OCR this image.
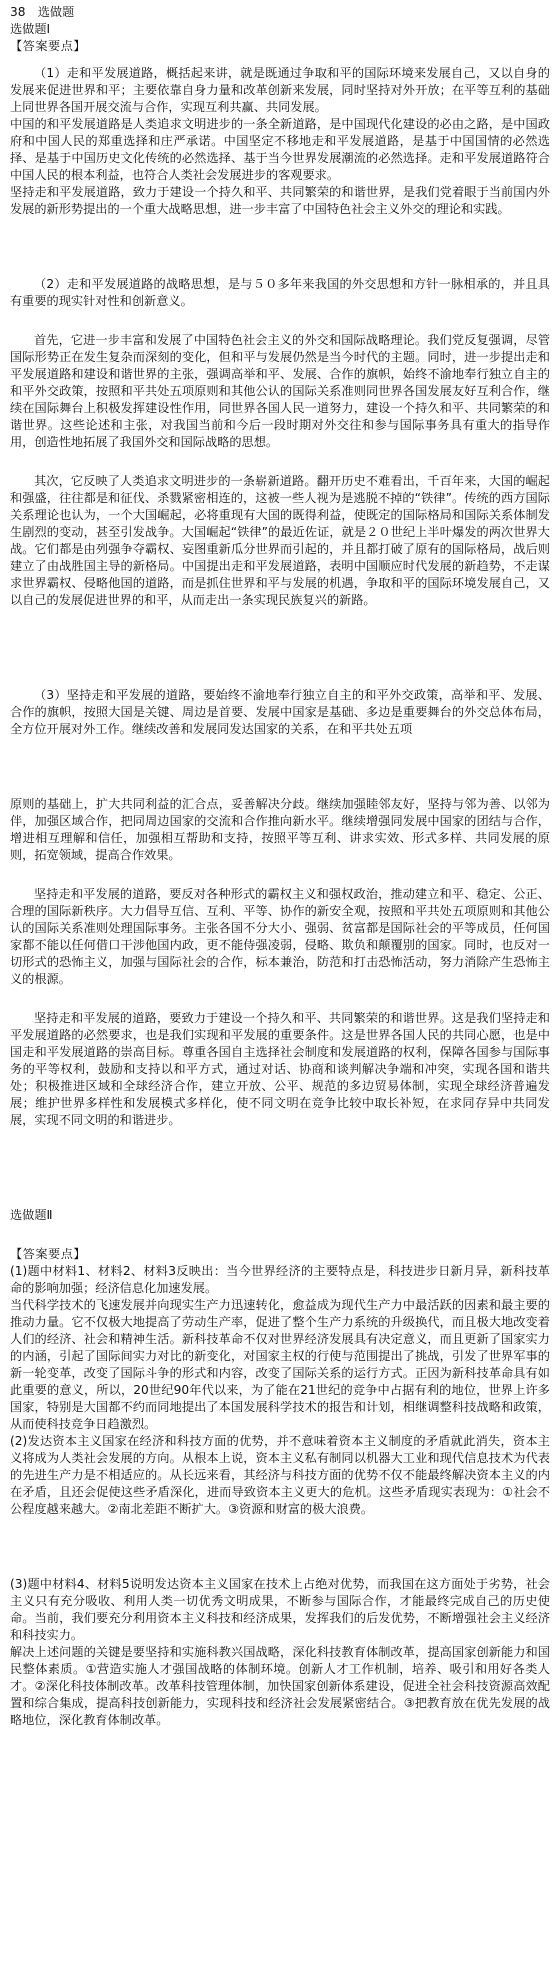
38　选做题
选做题Ⅰ
【答案要点】

（1）走和平发展道路，概括起来讲，就是既通过争取和平的国际环境来发展自己，又以自身的发展来促进世界和平；主要依靠自身力量和改革创新来发展，同时坚持对外开放；在平等互利的基础上同世界各国开展交流与合作，实现互利共赢、共同发展。

中国的和平发展道路是人类追求文明进步的一条全新道路，是中国现代化建设的必由之路，是中国政府和中国人民的郑重选择和庄严承诺。中国坚定不移地走和平发展道路，是基于中国国情的必然选择、是基于中国历史文化传统的必然选择、基于当今世界发展潮流的必然选择。走和平发展道路符合中国人民的根本利益，也符合人类社会发展进步的客观要求。

坚持走和平发展道路，致力于建设一个持久和平、共同繁荣的和谐世界，是我们党着眼于当前国内外发展的新形势提出的一个重大战略思想，进一步丰富了中国特色社会主义外交的理论和实践。

（2）走和平发展道路的战略思想，是与５０多年来我国的外交思想和方针一脉相承的，并且具有重要的现实针对性和创新意义。

首先，它进一步丰富和发展了中国特色社会主义的外交和国际战略理论。我们党反复强调，尽管国际形势正在发生复杂而深刻的变化，但和平与发展仍然是当今时代的主题。同时，进一步提出走和平发展道路和建设和谐世界的主张，强调高举和平、发展、合作的旗帜，始终不渝地奉行独立自主的和平外交政策，按照和平共处五项原则和其他公认的国际关系准则同世界各国发展友好互利合作，继续在国际舞台上积极发挥建设性作用，同世界各国人民一道努力，建设一个持久和平、共同繁荣的和谐世界。这些论述和主张，对我国当前和今后一段时期对外交往和参与国际事务具有重大的指导作用，创造性地拓展了我国外交和国际战略的思想。

其次，它反映了人类追求文明进步的一条崭新道路。翻开历史不难看出，千百年来，大国的崛起和强盛，往往都是和征伐、杀戮紧密相连的，这被一些人视为是逃脱不掉的“铁律”。传统的西方国际关系理论也认为，一个大国崛起，必将重现有大国的既得利益，使既定的国际格局和国际关系体制发生剧烈的变动，甚至引发战争。大国崛起“铁律”的最近佐证，就是２０世纪上半叶爆发的两次世界大战。它们都是由列强争夺霸权、妄图重新瓜分世界而引起的，并且都打破了原有的国际格局，战后则建立了由战胜国主导的新格局。中国提出走和平发展道路，表明中国顺应时代发展的新趋势，不走谋求世界霸权、侵略他国的道路，而是抓住世界和平与发展的机遇，争取和平的国际环境发展自己，又以自己的发展促进世界的和平，从而走出一条实现民族复兴的新路。

（3）坚持走和平发展的道路，要始终不渝地奉行独立自主的和平外交政策，高举和平、发展、合作的旗帜，按照大国是关键、周边是首要、发展中国家是基础、多边是重要舞台的外交总体布局，全方位开展对外工作。继续改善和发展同发达国家的关系，在和平共处五项

原则的基础上，扩大共同利益的汇合点，妥善解决分歧。继续加强睦邻友好，坚持与邻为善、以邻为伴，加强区域合作，把同周边国家的交流和合作推向新水平。继续增强同发展中国家的团结与合作，增进相互理解和信任，加强相互帮助和支持，按照平等互利、讲求实效、形式多样、共同发展的原则，拓宽领域，提高合作效果。

坚持走和平发展的道路，要反对各种形式的霸权主义和强权政治，推动建立和平、稳定、公正、合理的国际新秩序。大力倡导互信、互利、平等、协作的新安全观，按照和平共处五项原则和其他公认的国际关系准则处理国际事务。主张各国不分大小、强弱、贫富都是国际社会的平等成员，任何国家都不能以任何借口干涉他国内政，更不能侍强凌弱，侵略、欺负和颠覆别的国家。同时，也反对一切形式的恐怖主义，加强与国际社会的合作，标本兼治，防范和打击恐怖活动，努力消除产生恐怖主义的根源。

坚持走和平发展的道路，要致力于建设一个持久和平、共同繁荣的和谐世界。这是我们坚持走和平发展道路的必然要求，也是我们实现和平发展的重要条件。这是世界各国人民的共同心愿，也是中国走和平发展道路的崇高目标。尊重各国自主选择社会制度和发展道路的权利，保障各国参与国际事务的平等权利，鼓励和支持以和平方式，通过对话、协商和谈判解决争端和冲突，实现各国和谐共处；积极推进区域和全球经济合作，建立开放、公平、规范的多边贸易体制，实现全球经济普遍发展；维护世界多样性和发展模式多样化，使不同文明在竞争比较中取长补短，在求同存异中共同发展，实现不同文明的和谐进步。

选做题Ⅱ
【答案要点】

(1)题中材料1、材料2、材料3反映出：当今世界经济的主要特点是，科技进步日新月异，新科技革命的影响加强；经济信息化加速发展。

当代科学技术的飞速发展并向现实生产力迅速转化，愈益成为现代生产力中最活跃的因素和最主要的推动力量。它不仅极大地提高了劳动生产率，促进了整个生产力系统的升级换代，而且极大地改变着人们的经济、社会和精神生活。新科技革命不仅对世界经济发展具有决定意义，而且更新了国家实力的内涵，引起了国际间实力对比的新变化，对国家主权的行使与范围提出了挑战，引发了世界军事的新一轮变革，改变了国际斗争的形式和内容，改变了国际关系的运行方式。正因为新科技革命具有如此重要的意义，所以，20世纪90年代以来，为了能在21世纪的竞争中占据有利的地位，世界上许多国家，特别是大国都不约而同地提出了本国发展科学技术的报告和计划，相继调整科技战略和政策，从而使科技竞争日趋激烈。

(2)发达资本主义国家在经济和科技方面的优势，并不意味着资本主义制度的矛盾就此消失，资本主义将成为人类社会发展的方向。从根本上说，资本主义私有制同以机器大工业和现代信息技术为代表的先进生产力是不相适应的。从长远来看，其经济与科技方面的优势不仅不能最终解决资本主义的内在矛盾，且还会促使这些矛盾深化，进而导致资本主义更大的危机。这些矛盾现实表现为：①社会不公程度越来越大。②南北差距不断扩大。③资源和财富的极大浪费。

(3)题中材料4、材料5说明发达资本主义国家在技术上占绝对优势，而我国在这方面处于劣势，社会主义只有充分吸收、利用人类一切优秀文明成果，不断参与国际合作，才能最终完成自己的历史使命。当前，我们要充分利用资本主义科技和经济成果，发挥我们的后发优势，不断增强社会主义经济和科技实力。

解决上述问题的关键是要坚持和实施科教兴国战略，深化科技教育体制改革，提高国家创新能力和国民整体素质。①营造实施人才强国战略的体制环境。创新人才工作机制，培养、吸引和用好各类人才。②深化科技体制改革。改革科技管理体制，加快国家创新体系建设，促进全社会科技资源高效配置和综合集成，提高科技创新能力，实现科技和经济社会发展紧密结合。③把教育放在优先发展的战略地位，深化教育体制改革。
